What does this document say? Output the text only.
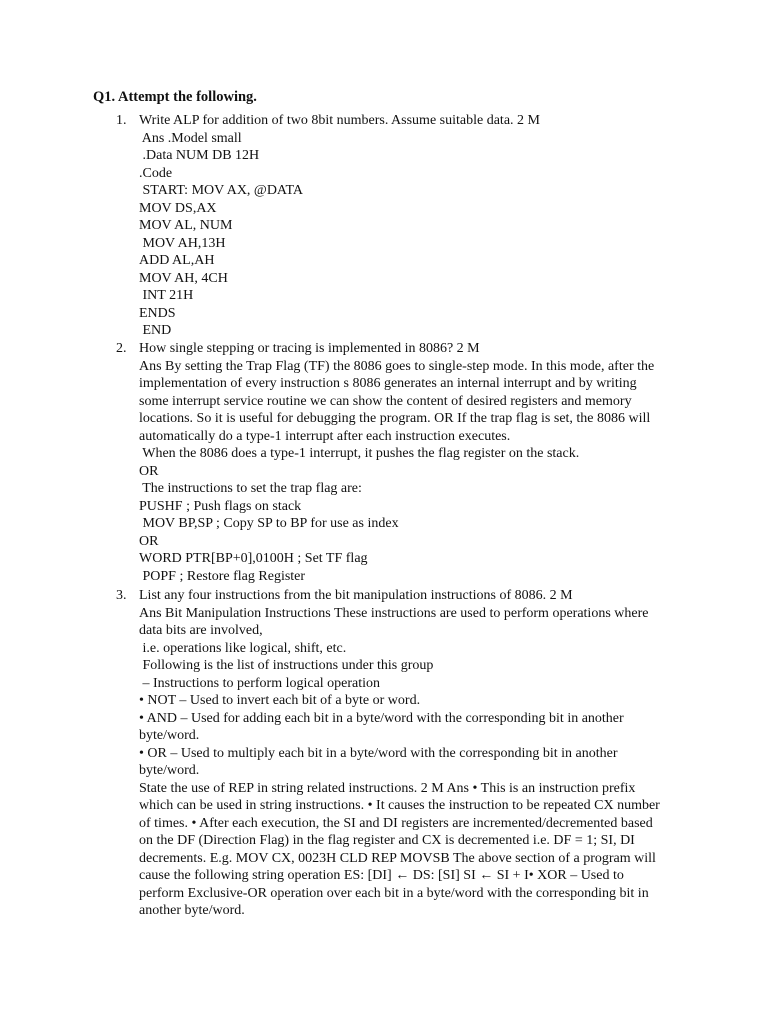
Q1. Attempt the following.
1. Write ALP for addition of two 8bit numbers. Assume suitable data. 2 M
Ans .Model small
.Data NUM DB 12H
.Code
START: MOV AX, @DATA
MOV DS,AX
MOV AL, NUM
MOV AH,13H
ADD AL,AH
MOV AH, 4CH
INT 21H
ENDS
END
2. How single stepping or tracing is implemented in 8086? 2 M
Ans By setting the Trap Flag (TF) the 8086 goes to single-step mode. In this mode, after the
implementation of every instruction s 8086 generates an internal interrupt and by writing
some interrupt service routine we can show the content of desired registers and memory
locations. So it is useful for debugging the program. OR If the trap flag is set, the 8086 will
automatically do a type-1 interrupt after each instruction executes.
When the 8086 does a type-1 interrupt, it pushes the flag register on the stack.
OR
The instructions to set the trap flag are:
PUSHF ; Push flags on stack
MOV BP,SP ; Copy SP to BP for use as index
OR
WORD PTR[BP+0],0100H ; Set TF flag
POPF ; Restore flag Register
3. List any four instructions from the bit manipulation instructions of 8086. 2 M
Ans Bit Manipulation Instructions These instructions are used to perform operations where
data bits are involved,
i.e. operations like logical, shift, etc.
Following is the list of instructions under this group
– Instructions to perform logical operation
• NOT – Used to invert each bit of a byte or word.
• AND – Used for adding each bit in a byte/word with the corresponding bit in another
byte/word.
• OR – Used to multiply each bit in a byte/word with the corresponding bit in another
byte/word.
State the use of REP in string related instructions. 2 M Ans • This is an instruction prefix
which can be used in string instructions. • It causes the instruction to be repeated CX number
of times. • After each execution, the SI and DI registers are incremented/decremented based
on the DF (Direction Flag) in the flag register and CX is decremented i.e. DF = 1; SI, DI
decrements. E.g. MOV CX, 0023H CLD REP MOVSB The above section of a program will
cause the following string operation ES: [DI] ← DS: [SI] SI ← SI + I• XOR – Used to
perform Exclusive-OR operation over each bit in a byte/word with the corresponding bit in
another byte/word.
